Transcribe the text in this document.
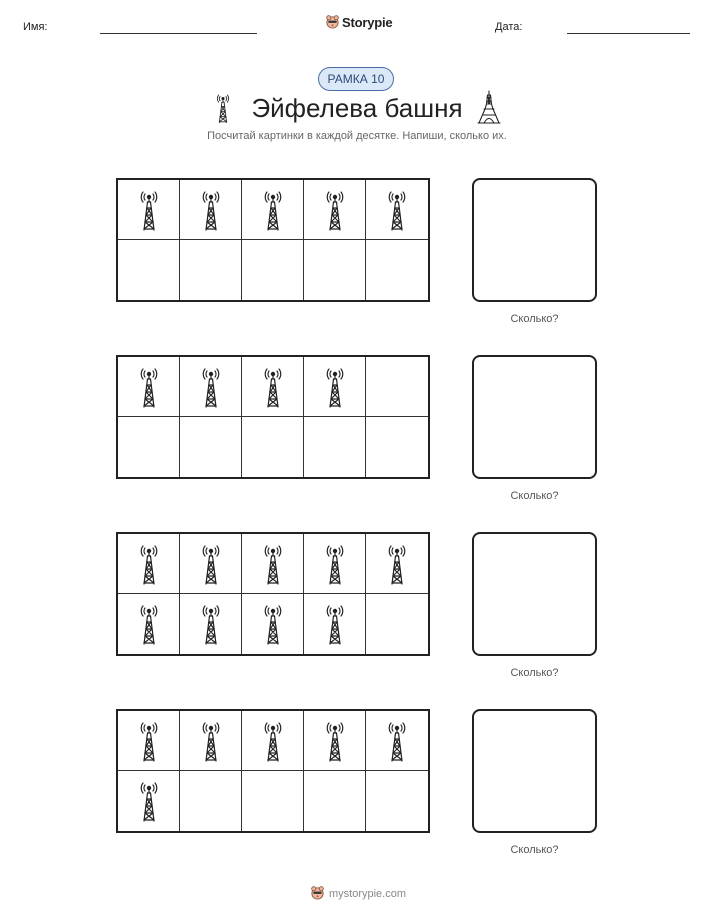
Имя:	Storypie	Дата:
РАМКА 10
Эйфелева башня
Посчитай картинки в каждой десятке. Напиши, сколько их.
Сколько?
Сколько?
Сколько?
Сколько?
mystorypie.com
